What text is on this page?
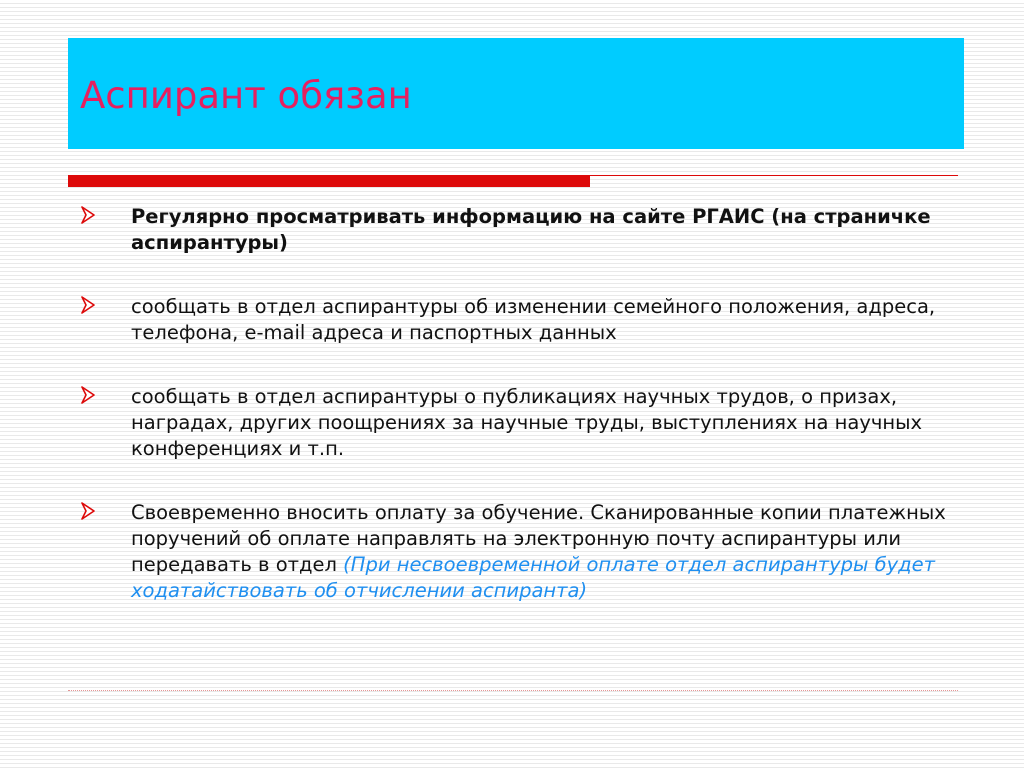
Аспирант обязан
Регулярно просматривать информацию на сайте РГАИС (на страничке аспирантуры)
сообщать в отдел аспирантуры об изменении семейного положения, адреса, телефона, е-mail адреса и паспортных данных
сообщать в отдел аспирантуры о публикациях научных трудов, о призах, наградах, других поощрениях за научные труды, выступлениях на научных конференциях и т.п.
Своевременно вносить оплату за обучение. Сканированные копии платежных поручений об оплате направлять на электронную почту аспирантуры или передавать в отдел (При несвоевременной оплате отдел аспирантуры будет ходатайствовать об отчислении аспиранта)
